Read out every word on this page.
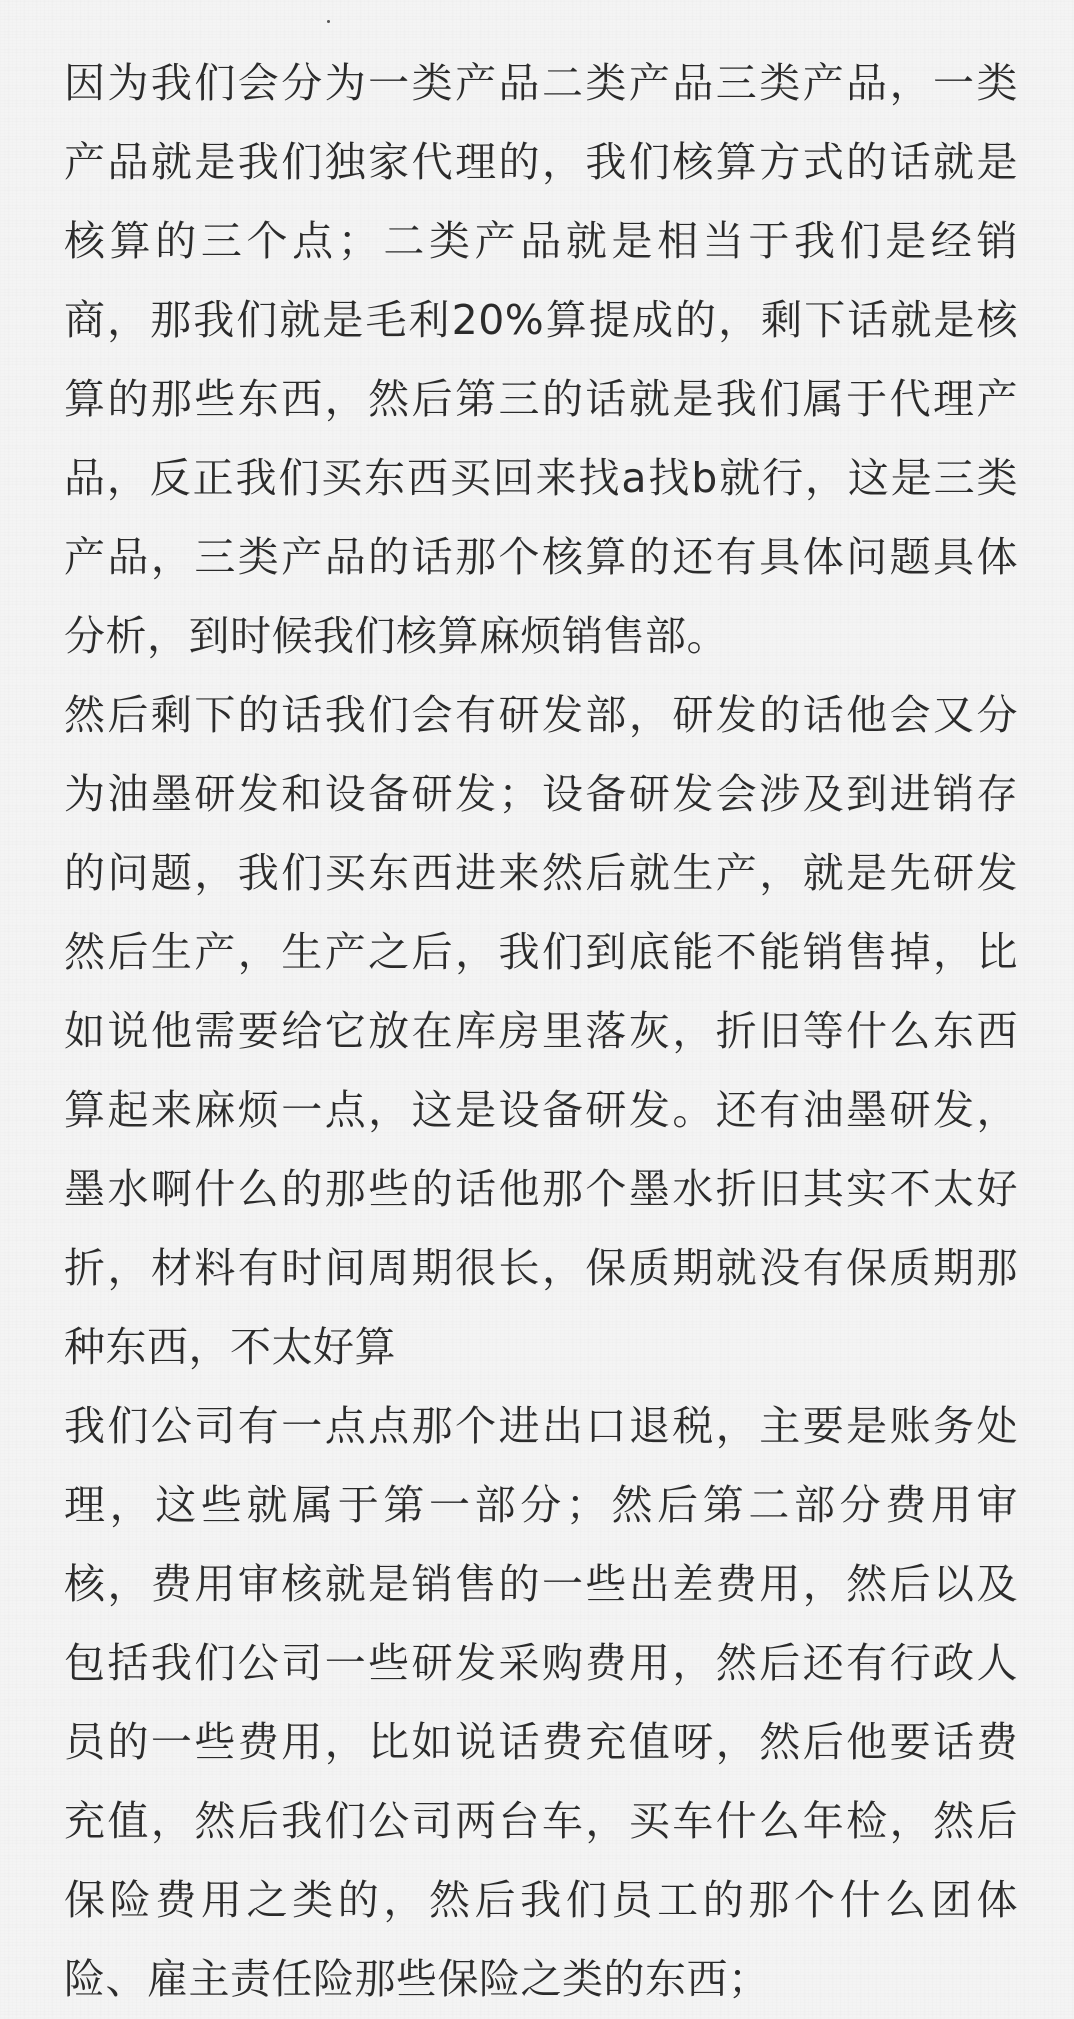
因为我们会分为一类产品二类产品三类产品，一类产品就是我们独家代理的，我们核算方式的话就是核算的三个点；二类产品就是相当于我们是经销商，那我们就是毛利20%算提成的，剩下话就是核算的那些东西，然后第三的话就是我们属于代理产品，反正我们买东西买回来找a找b就行，这是三类产品，三类产品的话那个核算的还有具体问题具体分析，到时候我们核算麻烦销售部。

然后剩下的话我们会有研发部，研发的话他会又分为油墨研发和设备研发；设备研发会涉及到进销存的问题，我们买东西进来然后就生产，就是先研发然后生产，生产之后，我们到底能不能销售掉，比如说他需要给它放在库房里落灰，折旧等什么东西算起来麻烦一点，这是设备研发。还有油墨研发，墨水啊什么的那些的话他那个墨水折旧其实不太好折，材料有时间周期很长，保质期就没有保质期那种东西，不太好算

我们公司有一点点那个进出口退税，主要是账务处理，这些就属于第一部分；然后第二部分费用审核，费用审核就是销售的一些出差费用，然后以及包括我们公司一些研发采购费用，然后还有行政人员的一些费用，比如说话费充值呀，然后他要话费充值，然后我们公司两台车，买车什么年检，然后保险费用之类的，然后我们员工的那个什么团体险、雇主责任险那些保险之类的东西；
